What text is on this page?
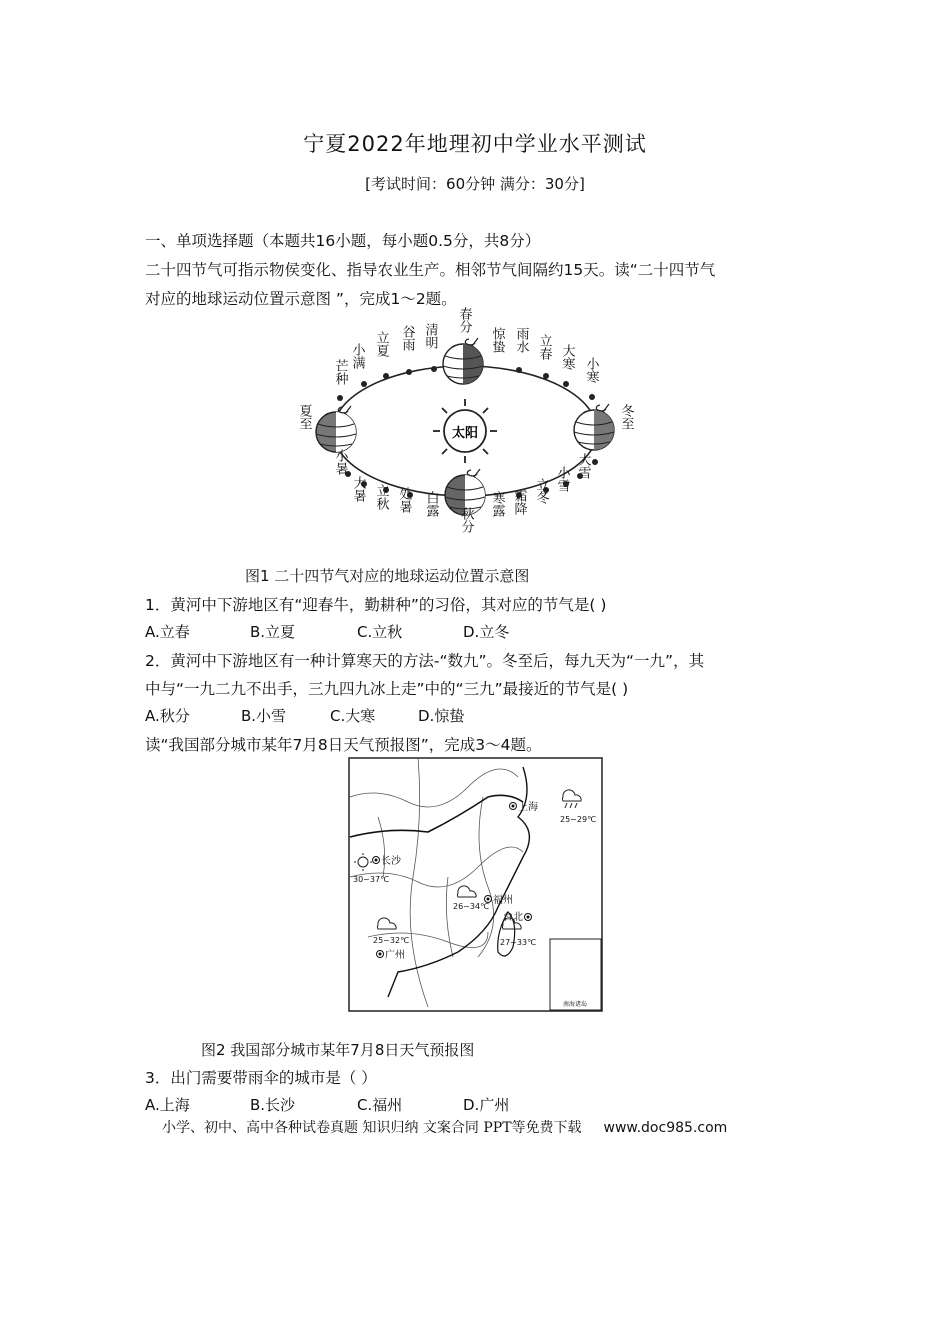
宁夏2022年地理初中学业水平测试
[考试时间：60分钟 满分：30分]
一、单项选择题（本题共16小题，每小题0.5分，共8分）
二十四节气可指示物侯变化、指导农业生产。相邻节气间隔约15天。读“二十四节气
对应的地球运动位置示意图 ”，完成1～2题。
太阳
春分
惊蛰 雨水 立春 大寒 小寒
冬至
大雪
小雪
立冬
霜降
寒露
秋分
白露
处暑
立秋
大暑
小暑
夏至
芒种
小满 立夏 谷雨 清明
图1 二十四节气对应的地球运动位置示意图
1．黄河中下游地区有“迎春牛，勤耕种”的习俗，其对应的节气是( )
A.立春	B.立夏	C.立秋	D.立冬
2．黄河中下游地区有一种计算寒天的方法-“数九”。冬至后，每九天为“一九”，其
中与“一九二九不出手，三九四九冰上走”中的“三九”最接近的节气是( )
A.秋分	B.小雪	C.大寒	D.惊蛰
读“我国部分城市某年7月8日天气预报图”，完成3～4题。
南海诸岛
上海
25~29℃
长沙
30~37℃
福州
26~34℃
台北
27~33℃
广州
25~32℃
图2 我国部分城市某年7月8日天气预报图
3．出门需要带雨伞的城市是（ ）
A.上海	B.长沙	C.福州	D.广州
小学、初中、高中各种试卷真题 知识归纳 文案合同 PPT等免费下载 www.doc985.com
